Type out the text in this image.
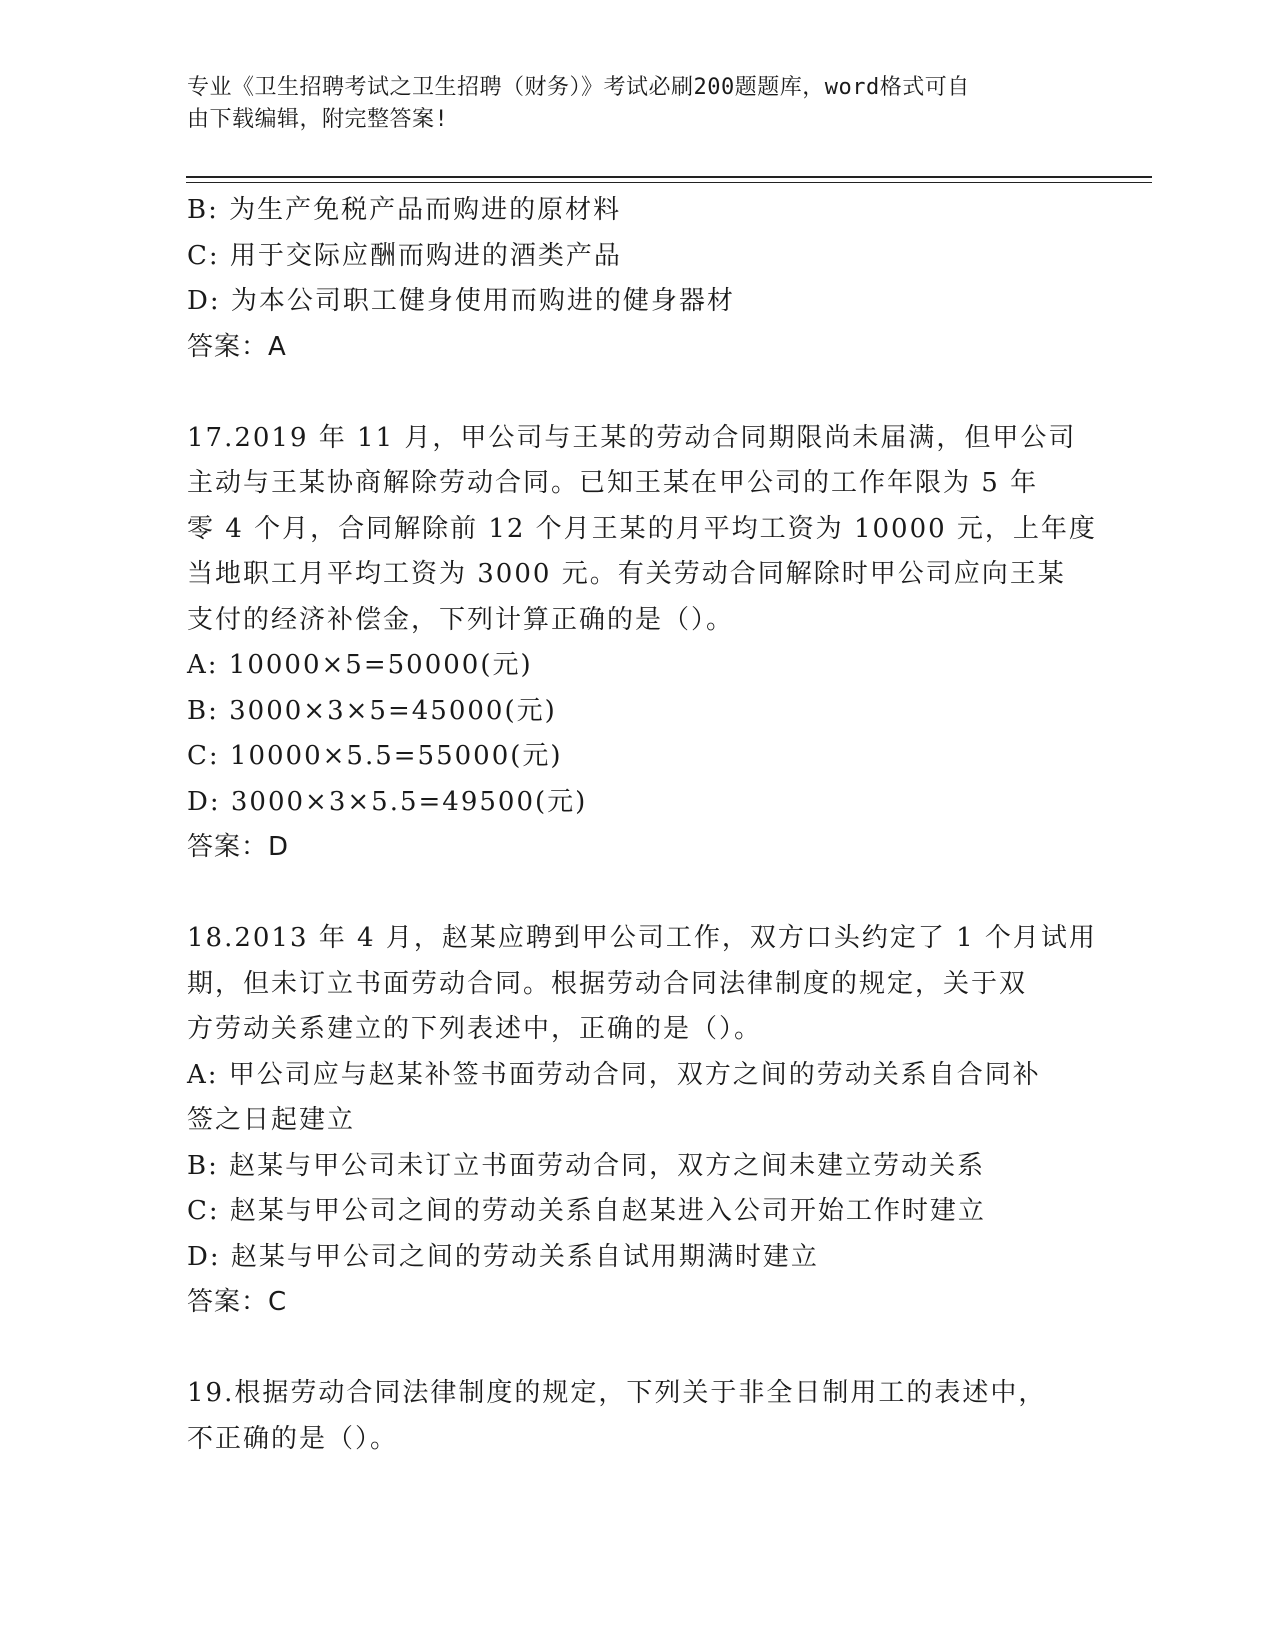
专业《卫生招聘考试之卫生招聘（财务）》考试必刷200题题库，word格式可自
由下载编辑，附完整答案!
B: 为生产免税产品而购进的原材料
C: 用于交际应酬而购进的酒类产品
D: 为本公司职工健身使用而购进的健身器材
答案：A
17.2019 年 11 月，甲公司与王某的劳动合同期限尚未届满，但甲公司
主动与王某协商解除劳动合同。已知王某在甲公司的工作年限为 5 年
零 4 个月，合同解除前 12 个月王某的月平均工资为 10000 元，上年度
当地职工月平均工资为 3000 元。有关劳动合同解除时甲公司应向王某
支付的经济补偿金，下列计算正确的是（）。
A: 10000×5=50000(元)
B: 3000×3×5=45000(元)
C: 10000×5.5=55000(元)
D: 3000×3×5.5=49500(元)
答案：D
18.2013 年 4 月，赵某应聘到甲公司工作，双方口头约定了 1 个月试用
期，但未订立书面劳动合同。根据劳动合同法律制度的规定，关于双
方劳动关系建立的下列表述中，正确的是（）。
A: 甲公司应与赵某补签书面劳动合同，双方之间的劳动关系自合同补
签之日起建立
B: 赵某与甲公司未订立书面劳动合同，双方之间未建立劳动关系
C: 赵某与甲公司之间的劳动关系自赵某进入公司开始工作时建立
D: 赵某与甲公司之间的劳动关系自试用期满时建立
答案：C
19.根据劳动合同法律制度的规定，下列关于非全日制用工的表述中，
不正确的是（）。
